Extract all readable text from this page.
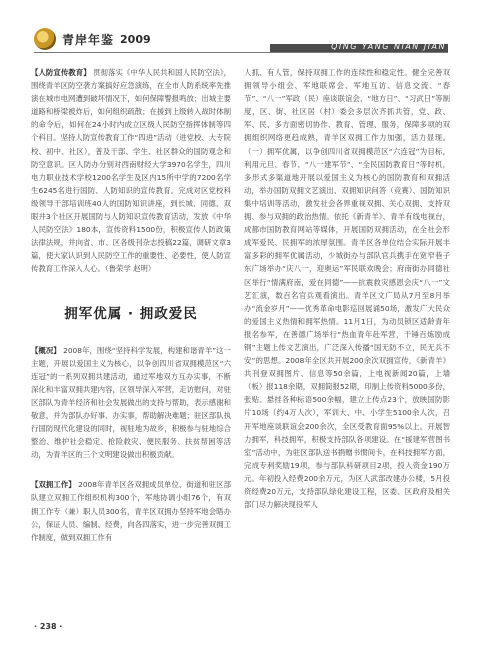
青岸年鉴 2009
QING YANG NIAN JIAN

【人防宣传教育】 贯彻落实《中华人民共和国人民防空法》，围绕青羊区防空袭方案搞好应急演练，在全市人防系统率先推演在城市电网遭到破坏情况下，如何保障警报鸣放；出城主要道路和桥梁被炸后，如何组织疏散；在援到上级转入战时体制的命令后，如何在24小时内成立区级人民防空指挥体制等四个科目。坚持人防宣传教育工作“四进”活动（进党校、大专院校、初中、社区），普及干部、学生、社区群众的国防观念和防空意识。区人防办分别对西南财经大学3970名学生，四川电力职业技术学校1200名学生及区内15所中学的7200名学生6245名进行国防、人防知识的宣传教育。完成对区党校科级领导干部培训班40人的国防知识讲座，到长城、同德、双眼井3个社区开展国防与人防知识宣传教育活动，发放《中华人民防空法》180本，宣传资料1500份，积极宣传人防政策法律法规，并向省、市、区各级刊杂志投稿22篇，调研文章3篇，使大家认识到人民防空工作的重要性、必要性，使人防宣传教育工作深入人心。（鲁荣学 赵明）

拥军优属 · 拥政爱民

【概况】 2008年，围绕“坚持科学发展，构建和谐青羊”这一主题，开展以爱国主义为核心，以争创四川省双拥模范区“六连冠”的一系列双拥共建活动，通过军地双方互办实事，不断深化和丰富双拥共建内容，区领导深入军营，走访慰问，对驻区部队为青羊经济和社会发展做出的支持与帮助，表示感谢和敬意，并为部队办好事、办实事，帮助解决难题；驻区部队执行国防现代化建设的同时，视驻地为故乡，积极参与驻地综合整治、维护社会稳定、抢险救灾、便民服务、扶贫帮困等活动，为青羊区的三个文明建设做出积极贡献。

【双拥工作】 2008年青羊区各双拥成员单位、街道和驻区部队建立双拥工作组织机构300个，军地协调小组76个，有双拥工作专（兼）职人员300名，青羊区双拥办坚持军地会晤办公，保证人员、编制、经费，向各四落实，进一步完善双拥工作制度，做到双拥工作有

人抓、有人管，保持双拥工作的连续性和稳定性。健全完善双拥领导小组会、军地联席会、军地互访、信息交流、“春节”、“八一”军政（民）座谈联谊会、“地方日”、“习武日”等制度，区、街、社区居（村）委会多层次齐抓共管，党、政、军、民、多方面密切协作、教育、管理、服务，保障多项的双拥组织网络更趋成熟，青羊区双拥工作力加强，活力显现。（一）拥军优属，以争创四川省双拥模范区“六连冠”为目标，利用元旦、春节、“八一建军节”、“全民国防教育日”等时机，多形式多渠道地开展以爱国主义为核心的国防教育和双拥活动，举办国防双拥文艺演出、双拥知识问答（竞赛）、国防知识集中培训等活动，激发社会各界重视双拥、关心双拥、支持双拥、参与双拥的政治热情。依托《新青羊》、青羊有线电视台，成都市国防教育网站等媒体，开展国防双拥活动，在全社会形成军爱民、民拥军的浓厚氛围。青羊区各单位结合实际开展丰富多彩的拥军优属活动，少城街办与部队官兵携手在宽窄巷子东广场举办“庆八一，迎奥运”军民联欢晚会；府南街办同德社区举行“情满府南，爱在同德”——抗震救灾感恩会庆“八一”文艺汇演，数百名官兵观看演出。青羊区文广局从7月至8月举办“流金岁月”——优秀革命电影巡回展诵50场，激发广大民众的爱国主义热情和拥军热情。11月1日，为动员锁区适龄青年报名参军，在善德广场举行“热血青年赴军营，干锤百炼励成钢”主题上传文艺演出，广泛深入传播“国无防不立，民无兵不安”的思想。2008年全区共开展200余次双拥宣传，《新青羊》共刊登双拥图片、信息等50余篇，上电视新闻20篇，上墙（板）报118余期，双拥简报52期，印制上传资料5000多份，张贴、悬挂各种标语500余幅，建立上传点23个，放映国防影片10场（约4万人次），军训大、中、小学生5100余人次，召开军地座谈联谊会200余次，全区受教育面95%以上。开展智力拥军，科技拥军，积极支持部队各项建设。在“援建军营图书室”活动中，为驻区部队送书捐赠书惯间卡，在科技拥军方面，完成专利奖励19项，参与部队科研项目2项，投入资金190万元。年初投入经费200余万元，为区人武部改建办公楼，5月投资经费20万元，支持部队绿化建设工程，区委、区政府及相关部门尽力解决现役军人

· 238 ·
